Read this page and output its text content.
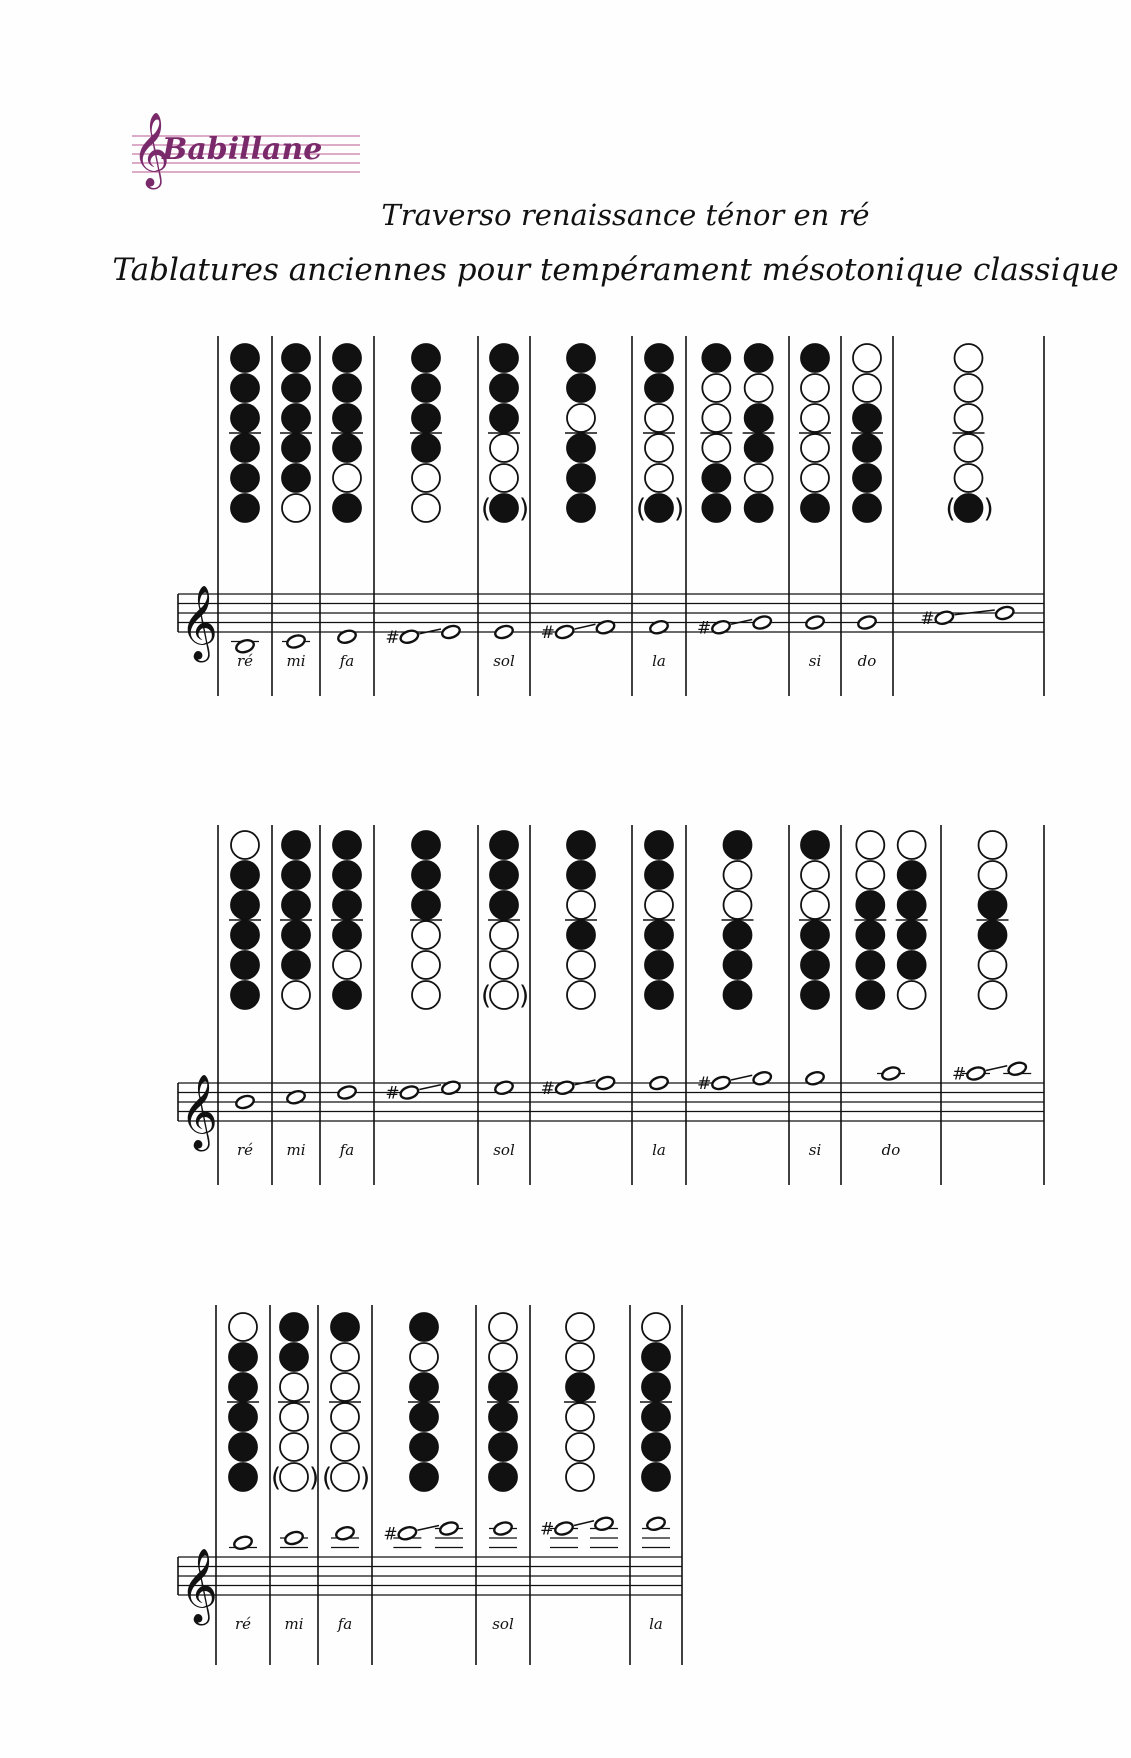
𝄞
Babillane
Traverso renaissance ténor en ré
Tablatures anciennes pour tempérament mésotonique classique
𝄞
ré mi fa
#
( )
sol
#
( )
la
#
si do
( )
#
𝄞
ré mi fa
#
( )
sol
#
la
#
si	do
#
𝄞
ré
( )
mi
( )
fa
#
sol
#
la
